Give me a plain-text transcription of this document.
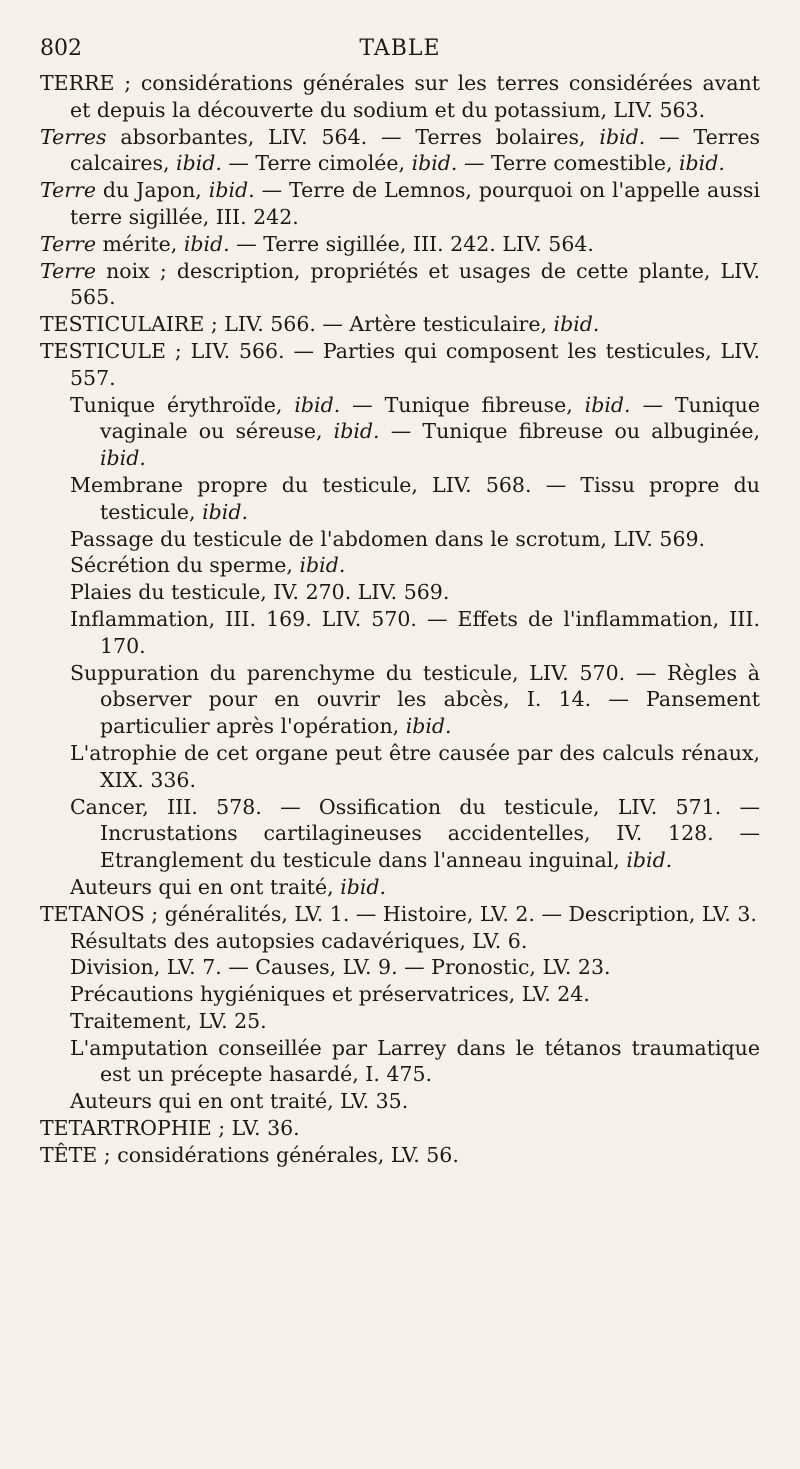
802	TABLE

TERRE ; considérations générales sur les terres considérées avant et depuis la découverte du sodium et du potassium, LIV. 563.

Terres absorbantes, LIV. 564. — Terres bolaires, ibid. — Terres calcaires, ibid. — Terre cimolée, ibid. — Terre comestible, ibid.

Terre du Japon, ibid. — Terre de Lemnos, pourquoi on l'appelle aussi terre sigillée, III. 242.

Terre mérite, ibid. — Terre sigillée, III. 242. LIV. 564.

Terre noix ; description, propriétés et usages de cette plante, LIV. 565.

TESTICULAIRE ; LIV. 566. — Artère testiculaire, ibid.

TESTICULE ; LIV. 566. — Parties qui composent les testicules, LIV. 557.

Tunique érythroïde, ibid. — Tunique fibreuse, ibid. — Tunique vaginale ou séreuse, ibid. — Tunique fibreuse ou albuginée, ibid.

Membrane propre du testicule, LIV. 568. — Tissu propre du testicule, ibid.

Passage du testicule de l'abdomen dans le scrotum, LIV. 569.

Sécrétion du sperme, ibid.

Plaies du testicule, IV. 270. LIV. 569.

Inflammation, III. 169. LIV. 570. — Effets de l'inflammation, III. 170.

Suppuration du parenchyme du testicule, LIV. 570. — Règles à observer pour en ouvrir les abcès, I. 14. — Pansement particulier après l'opération, ibid.

L'atrophie de cet organe peut être causée par des calculs rénaux, XIX. 336.

Cancer, III. 578. — Ossification du testicule, LIV. 571. — Incrustations cartilagineuses accidentelles, IV. 128. — Etranglement du testicule dans l'anneau inguinal, ibid.

Auteurs qui en ont traité, ibid.

TETANOS ; généralités, LV. 1. — Histoire, LV. 2. — Description, LV. 3.

Résultats des autopsies cadavériques, LV. 6.

Division, LV. 7. — Causes, LV. 9. — Pronostic, LV. 23.

Précautions hygiéniques et préservatrices, LV. 24.

Traitement, LV. 25.

L'amputation conseillée par Larrey dans le tétanos traumatique est un précepte hasardé, I. 475.

Auteurs qui en ont traité, LV. 35.

TETARTROPHIE ; LV. 36.

TÊTE ; considérations générales, LV. 56.
